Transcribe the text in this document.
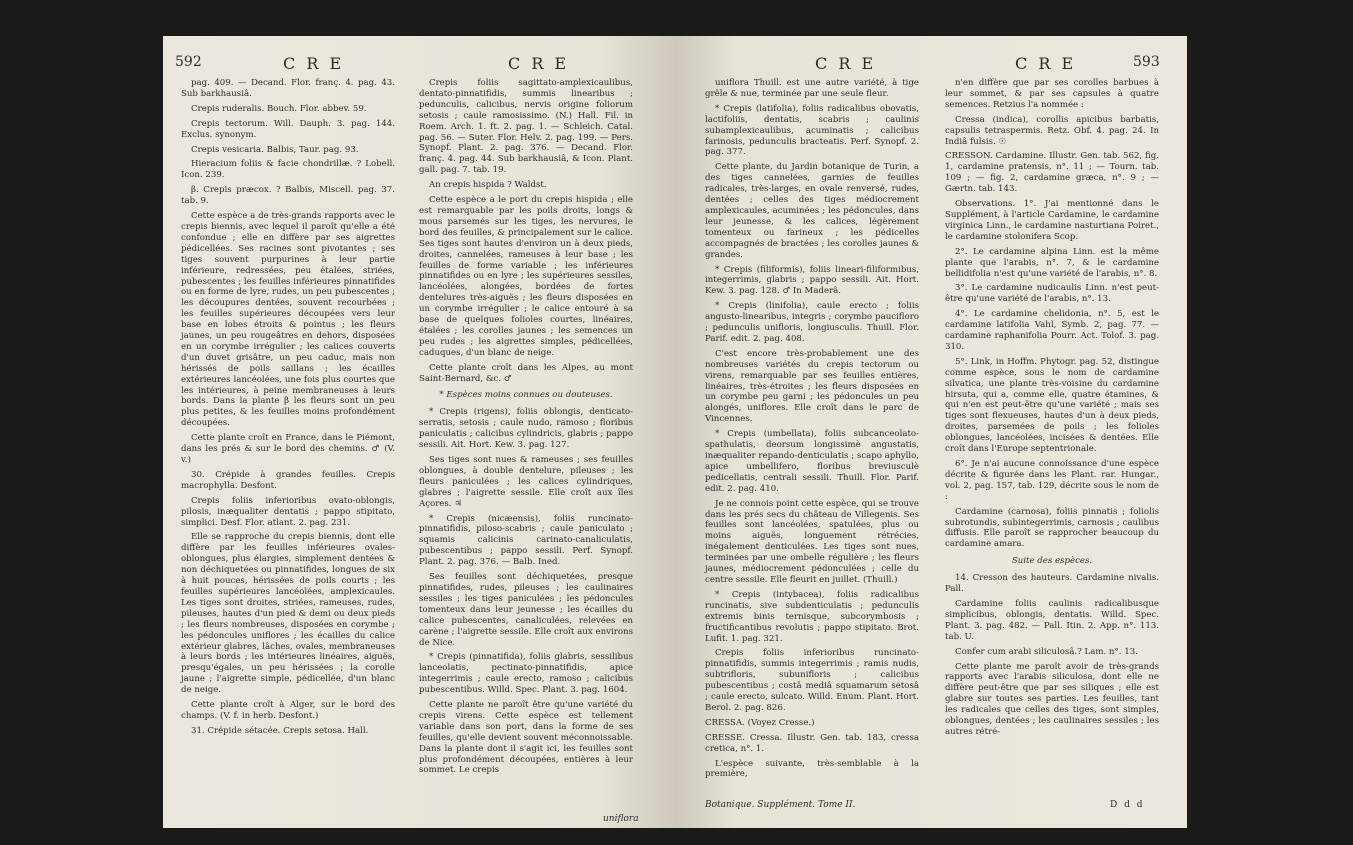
592	C R E	C R E

pag. 409. — Decand. Flor. franç. 4. pag. 43. Sub barkhausiâ.

Crepis ruderalis. Bouch. Flor. abbev. 59.

Crepis tectorum. Will. Dauph. 3. pag. 144. Exclus. synonym.

Crepis vesicaria. Balbis, Taur. pag. 93.

Hieracium foliis & facie chondrillæ. ? Lobell. Icon. 239.

β. Crepis præcox. ? Balbis, Miscell. pag. 37. tab. 9.

Cette espèce a de très-grands rapports avec le crepis biennis, avec lequel il paroît qu'elle a été confondue ; elle en diffère par ses aigrettes pédicellées. Ses racines sont pivotantes ; ses tiges souvent purpurines à leur partie inférieure, redressées, peu étalées, striées, pubescentes ; les feuilles inférieures pinnatifides ou en forme de lyre, rudes, un peu pubescentes ; les découpures dentées, souvent recourbées ; les feuilles supérieures découpées vers leur base en lobes étroits & pointus ; les fleurs jaunes, un peu rougeâtres en dehors, disposées en un corymbe irrégulier ; les calices couverts d'un duvet grisâtre, un peu caduc, mais non hérissés de poils saillans ; les écailles extérieures lancéolées, une fois plus courtes que les intérieures, à peine membraneuses à leurs bords. Dans la plante β les fleurs sont un peu plus petites, & les feuilles moins profondément découpées.

Cette plante croît en France, dans le Piémont, dans les prés & sur le bord des chemins. ♂ (V. v.)

30. Crépide à grandes feuilles. Crepis macrophylla. Desfont.

Crepis foliis inferioribus ovato-oblongis, pilosis, inæqualiter dentatis ; pappo stipitato, simplici. Desf. Flor. atlant. 2. pag. 231.

Elle se rapproche du crepis biennis, dont elle diffère par les feuilles inférieures ovales-oblongues, plus élargies, simplement dentées & non déchiquetées ou pinnatifides, longues de six à huit pouces, hérissées de poils courts ; les feuilles supérieures lancéolées, amplexicaules. Les tiges sont droites, striées, rameuses, rudes, pileuses, hautes d'un pied & demi ou deux pieds ; les fleurs nombreuses, disposées en corymbe ; les pédoncules uniflores ; les écailles du calice extérieur glabres, lâches, ovales, membraneuses à leurs bords ; les intérieures linéaires, aiguës, presqu'égales, un peu hérissées ; la corolle jaune ; l'aigrette simple, pédicellée, d'un blanc de neige.

Cette plante croît à Alger, sur le bord des champs. (V. f. in herb. Desfont.)

31. Crépide sétacée. Crepis setosa. Hall.

Crepis foliis sagittato-amplexicaulibus, dentato-pinnatifidis, summis linearibus ; pedunculis, calicibus, nervis origine foliorum setosis ; caule ramosissimo. (N.) Hall. Fil. in Roem. Arch. 1. ft. 2. pag. 1. — Schleich. Catal. pag. 56. — Suter. Flor. Helv. 2. pag. 199. — Pers. Synopf. Plant. 2. pag. 376. — Decand. Flor. franç. 4. pag. 44. Sub barkhausiâ, & Icon. Plant. gall. pag. 7. tab. 19.

An crepis hispida ? Waldst.

Cette espèce a le port du crepis hispida ; elle est remarquable par les poils droits, longs & mous parsemés sur les tiges, les nervures, le bord des feuilles, & principalement sur le calice. Ses tiges sont hautes d'environ un à deux pieds, droites, cannelées, rameuses à leur base ; les feuilles de forme variable ; les inférieures pinnatifides ou en lyre ; les supérieures sessiles, lancéolées, alongées, bordées de fortes dentelures très-aiguës ; les fleurs disposées en un corymbe irrégulier ; le calice entouré à sa base de quelques folioles courtes, linéaires, étalées ; les corolles jaunes ; les semences un peu rudes ; les aigrettes simples, pédicellées, caduques, d'un blanc de neige.

Cette plante croît dans les Alpes, au mont Saint-Bernard, &c. ♂

* Espèces moins connues ou douteuses.

* Crepis (rigens), foliis oblongis, denticato-serratis, setosis ; caule nudo, ramoso ; floribus paniculatis ; calicibus cylindricis, glabris ; pappo sessili. Ait. Hort. Kew. 3. pag. 127.

Ses tiges sont nues & rameuses ; ses feuilles oblongues, à double dentelure, pileuses ; les fleurs paniculées ; les calices cylindriques, glabres ; l'aigrette sessile. Elle croît aux îles Açores. ♃

* Crepis (nicæensis), foliis runcinato-pinnatifidis, piloso-scabris ; caule paniculato ; squamis calicinis carinato-canaliculatis, pubescentibus ; pappo sessili. Perf. Synopf. Plant. 2. pag. 376. — Balb. Ined.

Ses feuilles sont déchiquetées, presque pinnatifides, rudes, pileuses ; les caulinaires sessiles ; les tiges paniculées ; les pédoncules tomenteux dans leur jeunesse ; les écailles du calice pubescentes, canaliculées, relevées en carène ; l'aigrette sessile. Elle croît aux environs de Nice.

* Crepis (pinnatifida), foliis glabris, sessilibus lanceolatis, pectinato-pinnatifidis, apice integerrimis ; caule erecto, ramoso ; calicibus pubescentibus. Willd. Spec. Plant. 3. pag. 1604.

Cette plante ne paroît être qu'une variété du crepis virens. Cette espèce est tellement variable dans son port, dans la forme de ses feuilles, qu'elle devient souvent méconnoissable. Dans la plante dont il s'agit ici, les feuilles sont plus profondément découpées, entières à leur sommet. Le crepis

uniflora
C R E	C R E	593

uniflora Thuill. est une autre variété, à tige grêle & nue, terminée par une seule fleur.

* Crepis (latifolia), foliis radicalibus obovatis, lactifoliis, dentatis, scabris ; caulinis subamplexicaulibus, acuminatis ; calicibus farinosis, pedunculis bracteatis. Perf. Synopf. 2. pag. 377.

Cette plante, du Jardin botanique de Turin, a des tiges cannelées, garnies de feuilles radicales, très-larges, en ovale renversé, rudes, dentées ; celles des tiges médiocrement amplexicaules, acuminées ; les pédoncules, dans leur jeunesse, & les calices, légèrement tomenteux ou farineux ; les pédicelles accompagnés de bractées ; les corolles jaunes & grandes.

* Crepis (filiformis), foliis lineari-filiformibus, integerrimis, glabris ; pappo sessili. Ait. Hort. Kew. 3. pag. 128. ♂ In Maderâ.

* Crepis (linifolia), caule erecto ; foliis angusto-linearibus, integris ; corymbo paucifloro ; pedunculis unifloris, longiusculis. Thuill. Flor. Parif. edit. 2. pag. 408.

C'est encore très-probablement une des nombreuses variétés du crepis tectorum ou virens, remarquable par ses feuilles entières, linéaires, très-étroites ; les fleurs disposées en un corymbe peu garni ; les pédoncules un peu alongés, uniflores. Elle croît dans le parc de Vincennes.

* Crepis (umbellata), foliis subcanceolato-spathulatis, deorsum longissimè angustatis, inæqualiter repando-denticulatis ; scapo aphyllo, apice umbellifero, floribus breviusculè pedicellatis, centrali sessili. Thuill. Flor. Parif. edit. 2. pag. 410.

Je ne connois point cette espèce, qui se trouve dans les prés secs du château de Villegenis. Ses feuilles sont lancéolées, spatulées, plus ou moins aiguës, longuement rétrécies, inégalement denticulées. Les tiges sont nues, terminées par une ombelle régulière ; les fleurs jaunes, médiocrement pédonculées ; celle du centre sessile. Elle fleurit en juillet. (Thuill.)

* Crepis (intybacea), foliis radicalibus runcinatis, sive subdenticulatis ; pedunculis extremis binis ternisque, subcorymbosis ; fructificantibus revolutis ; pappo stipitato. Brot. Lufit. 1. pag. 321.

Crepis foliis inferioribus runcinato-pinnatifidis, summis integerrimis ; ramis nudis, subtrifloris, subunifloris ; calicibus pubescentibus ; costâ mediâ squamarum setosâ ; caule erecto, sulcato. Willd. Enum. Plant. Hort. Berol. 2. pag. 826.

CRESSA. (Voyez Cresse.)

CRESSE. Cressa. Illustr. Gen. tab. 183, cressa cretica, n°. 1.

L'espèce suivante, très-semblable à la première,

n'en diffère que par ses corolles barbues à leur sommet, & par ses capsules à quatre semences. Retzius l'a nommée :

Cressa (indica), corollis apicibus barbatis, capsulis tetraspermis. Retz. Obf. 4. pag. 24. In Indiâ fulsis. ☉

CRESSON. Cardamine. Illustr. Gen. tab. 562, fig. 1, cardamine pratensis, n°. 11 ; — Tourn. tab. 109 ; — fig. 2, cardamine græca, n°. 9 ; — Gærtn. tab. 143.

Observations. 1°. J'ai mentionné dans le Supplément, à l'article Cardamine, le cardamine virginica Linn., le cardamine nasturtiana Poiret., le cardamine stolonifera Scop.

2°. Le cardamine alpina Linn. est la même plante que l'arabis, n°. 7, & le cardamine bellidifolia n'est qu'une variété de l'arabis, n°. 8.

3°. Le cardamine nudicaulis Linn. n'est peut-être qu'une variété de l'arabis, n°. 13.

4°. Le cardamine chelidonia, n°. 5, est le cardamine latifolia Vahl, Symb. 2, pag. 77. — cardamine raphanifolia Pourr. Act. Tolof. 3. pag. 310.

5°. Link, in Hoffm. Phytogr. pag. 52, distingue comme espèce, sous le nom de cardamine silvatica, une plante très-voisine du cardamine hirsuta, qui a, comme elle, quatre étamines, & qui n'en est peut-être qu'une variété ; mais ses tiges sont flexueuses, hautes d'un à deux pieds, droites, parsemées de poils ; les folioles oblongues, lancéolées, incisées & dentées. Elle croît dans l'Europe septentrionale.

6°. Je n'ai aucune connoissance d'une espèce décrite & figurée dans les Plant. rar. Hungar., vol. 2, pag. 157, tab. 129, décrite sous le nom de :

Cardamine (carnosa), foliis pinnatis ; foliolis subrotundis, subintegerrimis, carnosis ; caulibus diffusis. Elle paroît se rapprocher beaucoup du cardamine amara.

Suite des espèces.

14. Cresson des hauteurs. Cardamine nivalis. Pall.

Cardamine foliis caulinis radicalibusque simplicibus, oblongis, dentatis. Willd. Spec. Plant. 3. pag. 482. — Pall. Itin. 2. App. n°. 113. tab. U.

Confer cum arabi siliculosâ.? Lam. n°. 13.

Cette plante me paroît avoir de très-grands rapports avec l'arabis siliculosa, dont elle ne diffère peut-être que par ses siliques ; elle est glabre sur toutes ses parties. Les feuilles, tant les radicales que celles des tiges, sont simples, oblongues, dentées ; les caulinaires sessiles ; les autres rétré-

Botanique. Supplément. Tome II.	D d d
